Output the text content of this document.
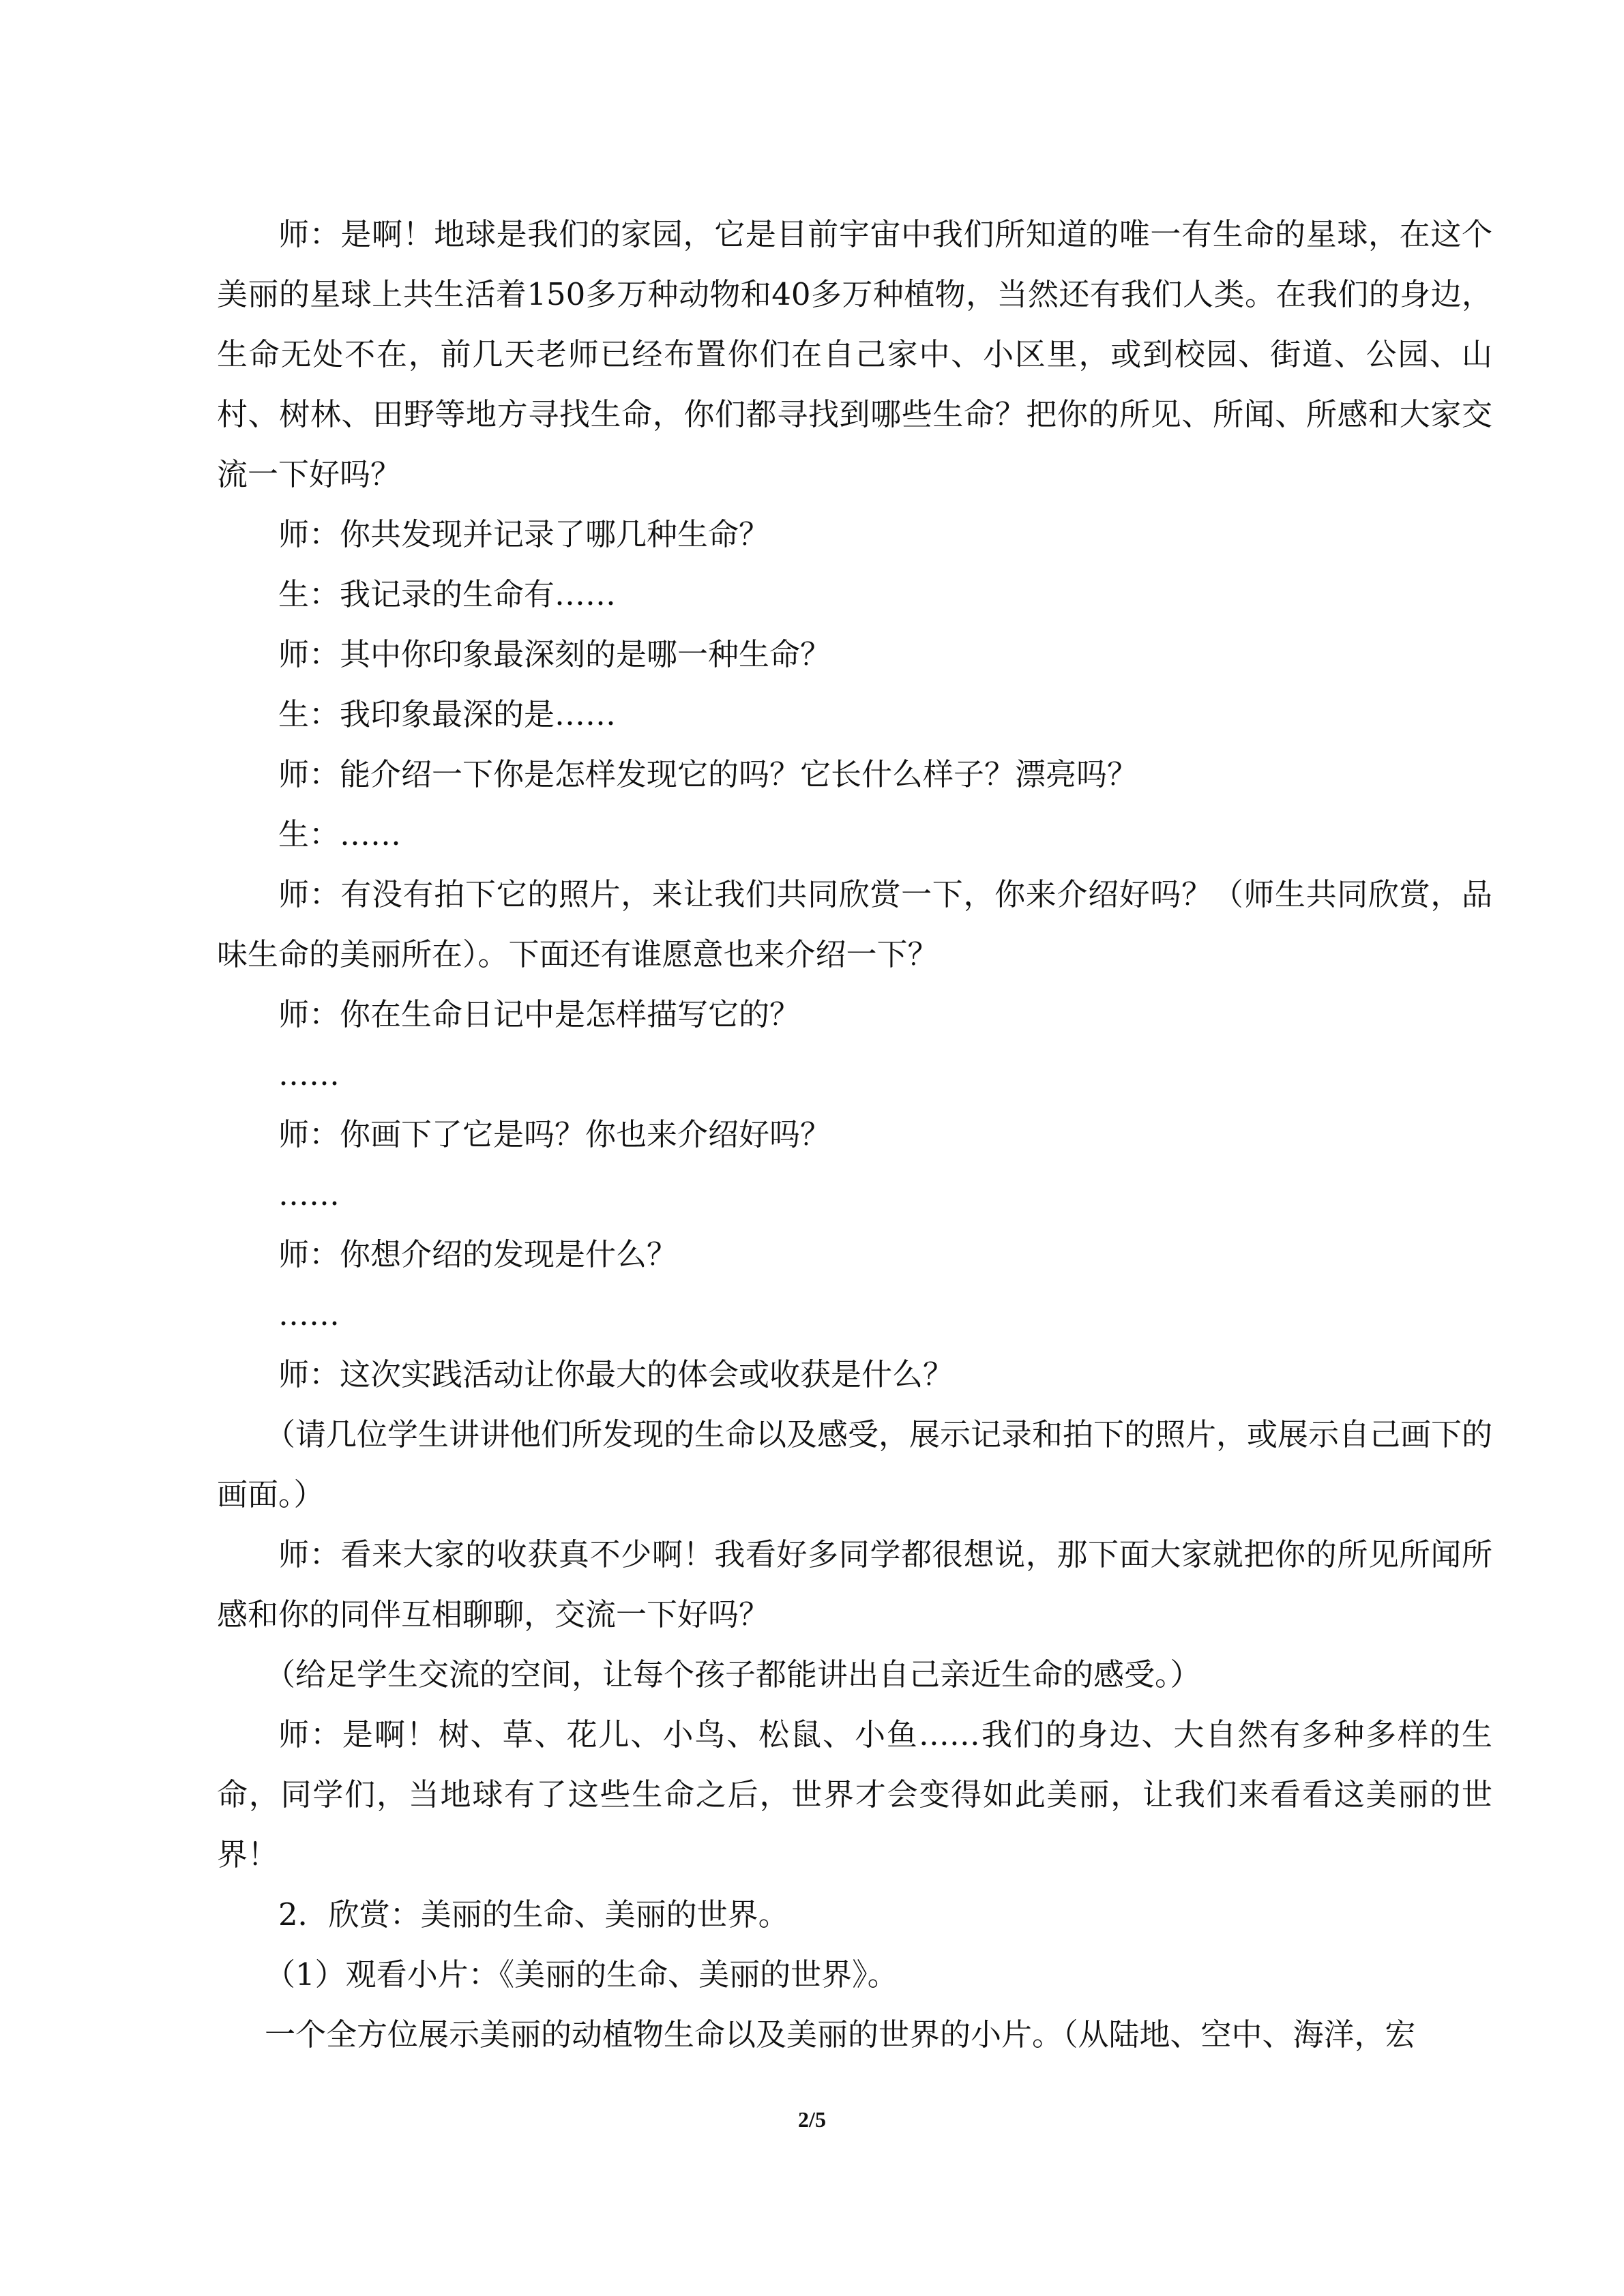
师：是啊！地球是我们的家园，它是目前宇宙中我们所知道的唯一有生命的星球，在这个美丽的星球上共生活着150多万种动物和40多万种植物，当然还有我们人类。在我们的身边，生命无处不在，前几天老师已经布置你们在自己家中、小区里，或到校园、街道、公园、山村、树林、田野等地方寻找生命，你们都寻找到哪些生命？把你的所见、所闻、所感和大家交流一下好吗？

师：你共发现并记录了哪几种生命？

生：我记录的生命有……

师：其中你印象最深刻的是哪一种生命？

生：我印象最深的是……

师：能介绍一下你是怎样发现它的吗？它长什么样子？漂亮吗？

生：……

师：有没有拍下它的照片，来让我们共同欣赏一下，你来介绍好吗？（师生共同欣赏，品味生命的美丽所在）。下面还有谁愿意也来介绍一下？

师：你在生命日记中是怎样描写它的？

……

师：你画下了它是吗？你也来介绍好吗？

……

师：你想介绍的发现是什么？

……

师：这次实践活动让你最大的体会或收获是什么？

（请几位学生讲讲他们所发现的生命以及感受，展示记录和拍下的照片，或展示自己画下的画面。）

师：看来大家的收获真不少啊！我看好多同学都很想说，那下面大家就把你的所见所闻所感和你的同伴互相聊聊，交流一下好吗？

（给足学生交流的空间，让每个孩子都能讲出自己亲近生命的感受。）

师：是啊！树、草、花儿、小鸟、松鼠、小鱼……我们的身边、大自然有多种多样的生命，同学们，当地球有了这些生命之后，世界才会变得如此美丽，让我们来看看这美丽的世界！

2．欣赏：美丽的生命、美丽的世界。

（1）观看小片：《美丽的生命、美丽的世界》。

一个全方位展示美丽的动植物生命以及美丽的世界的小片。（从陆地、空中、海洋，宏

2/5
